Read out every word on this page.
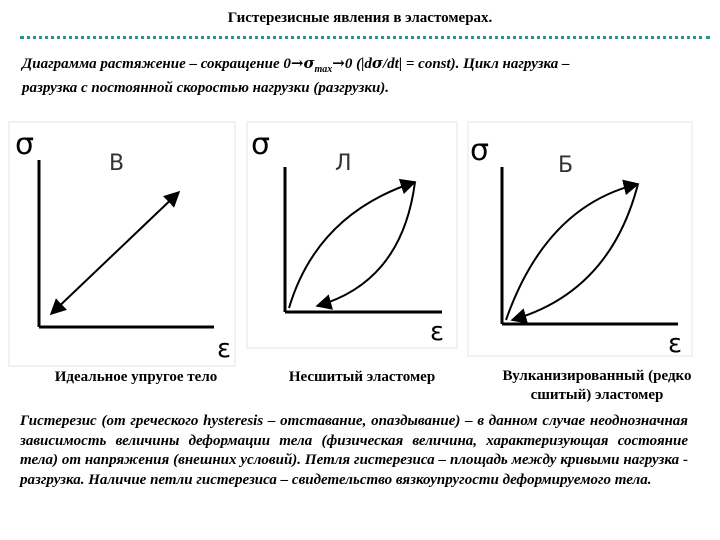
Гистерезисные явления в эластомерах.
Диаграмма растяжение – сокращение $0\to\sigma_{max}\to 0$ (|dσ/dt| = const). Цикл нагрузка –
разрузка с постоянной скоростью нагрузки (разгрузки).
σ
В
ε
Идеальное упругое тело
σ
Л
ε
Несшитый эластомер
σ	Б
ε
Вулканизированный (редко
сшитый) эластомер
Гистерезис (от греческого hysteresis – отставание, опаздывание) – в данном случае неоднозначная зависимость величины деформации тела (физическая величина, характеризующая состояние тела) от напряжения (внешних условий). Петля гистерезиса – площадь между кривыми нагрузка - разгрузка. Наличие петли гистерезиса – свидетельство вязкоупругости деформируемого тела.
